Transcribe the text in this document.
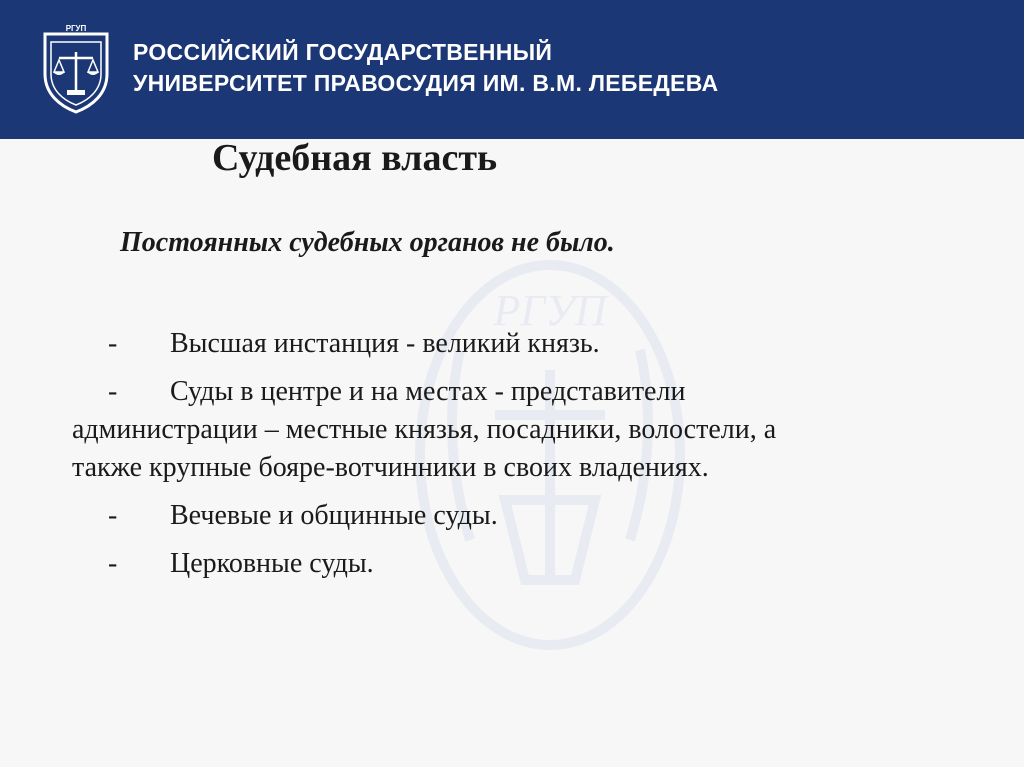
РГУП
РОССИЙСКИЙ ГОСУДАРСТВЕННЫЙ
УНИВЕРСИТЕТ ПРАВОСУДИЯ ИМ. В.М. ЛЕБЕДЕВА
РГУП
Судебная власть
Постоянных судебных органов не было.
-	Высшая инстанция - великий князь.
-	Суды в центре и на местах - представители
администрации – местные князья, посадники, волостели, а
также крупные бояре-вотчинники в своих владениях.
-	Вечевые и общинные суды.
-	Церковные суды.
